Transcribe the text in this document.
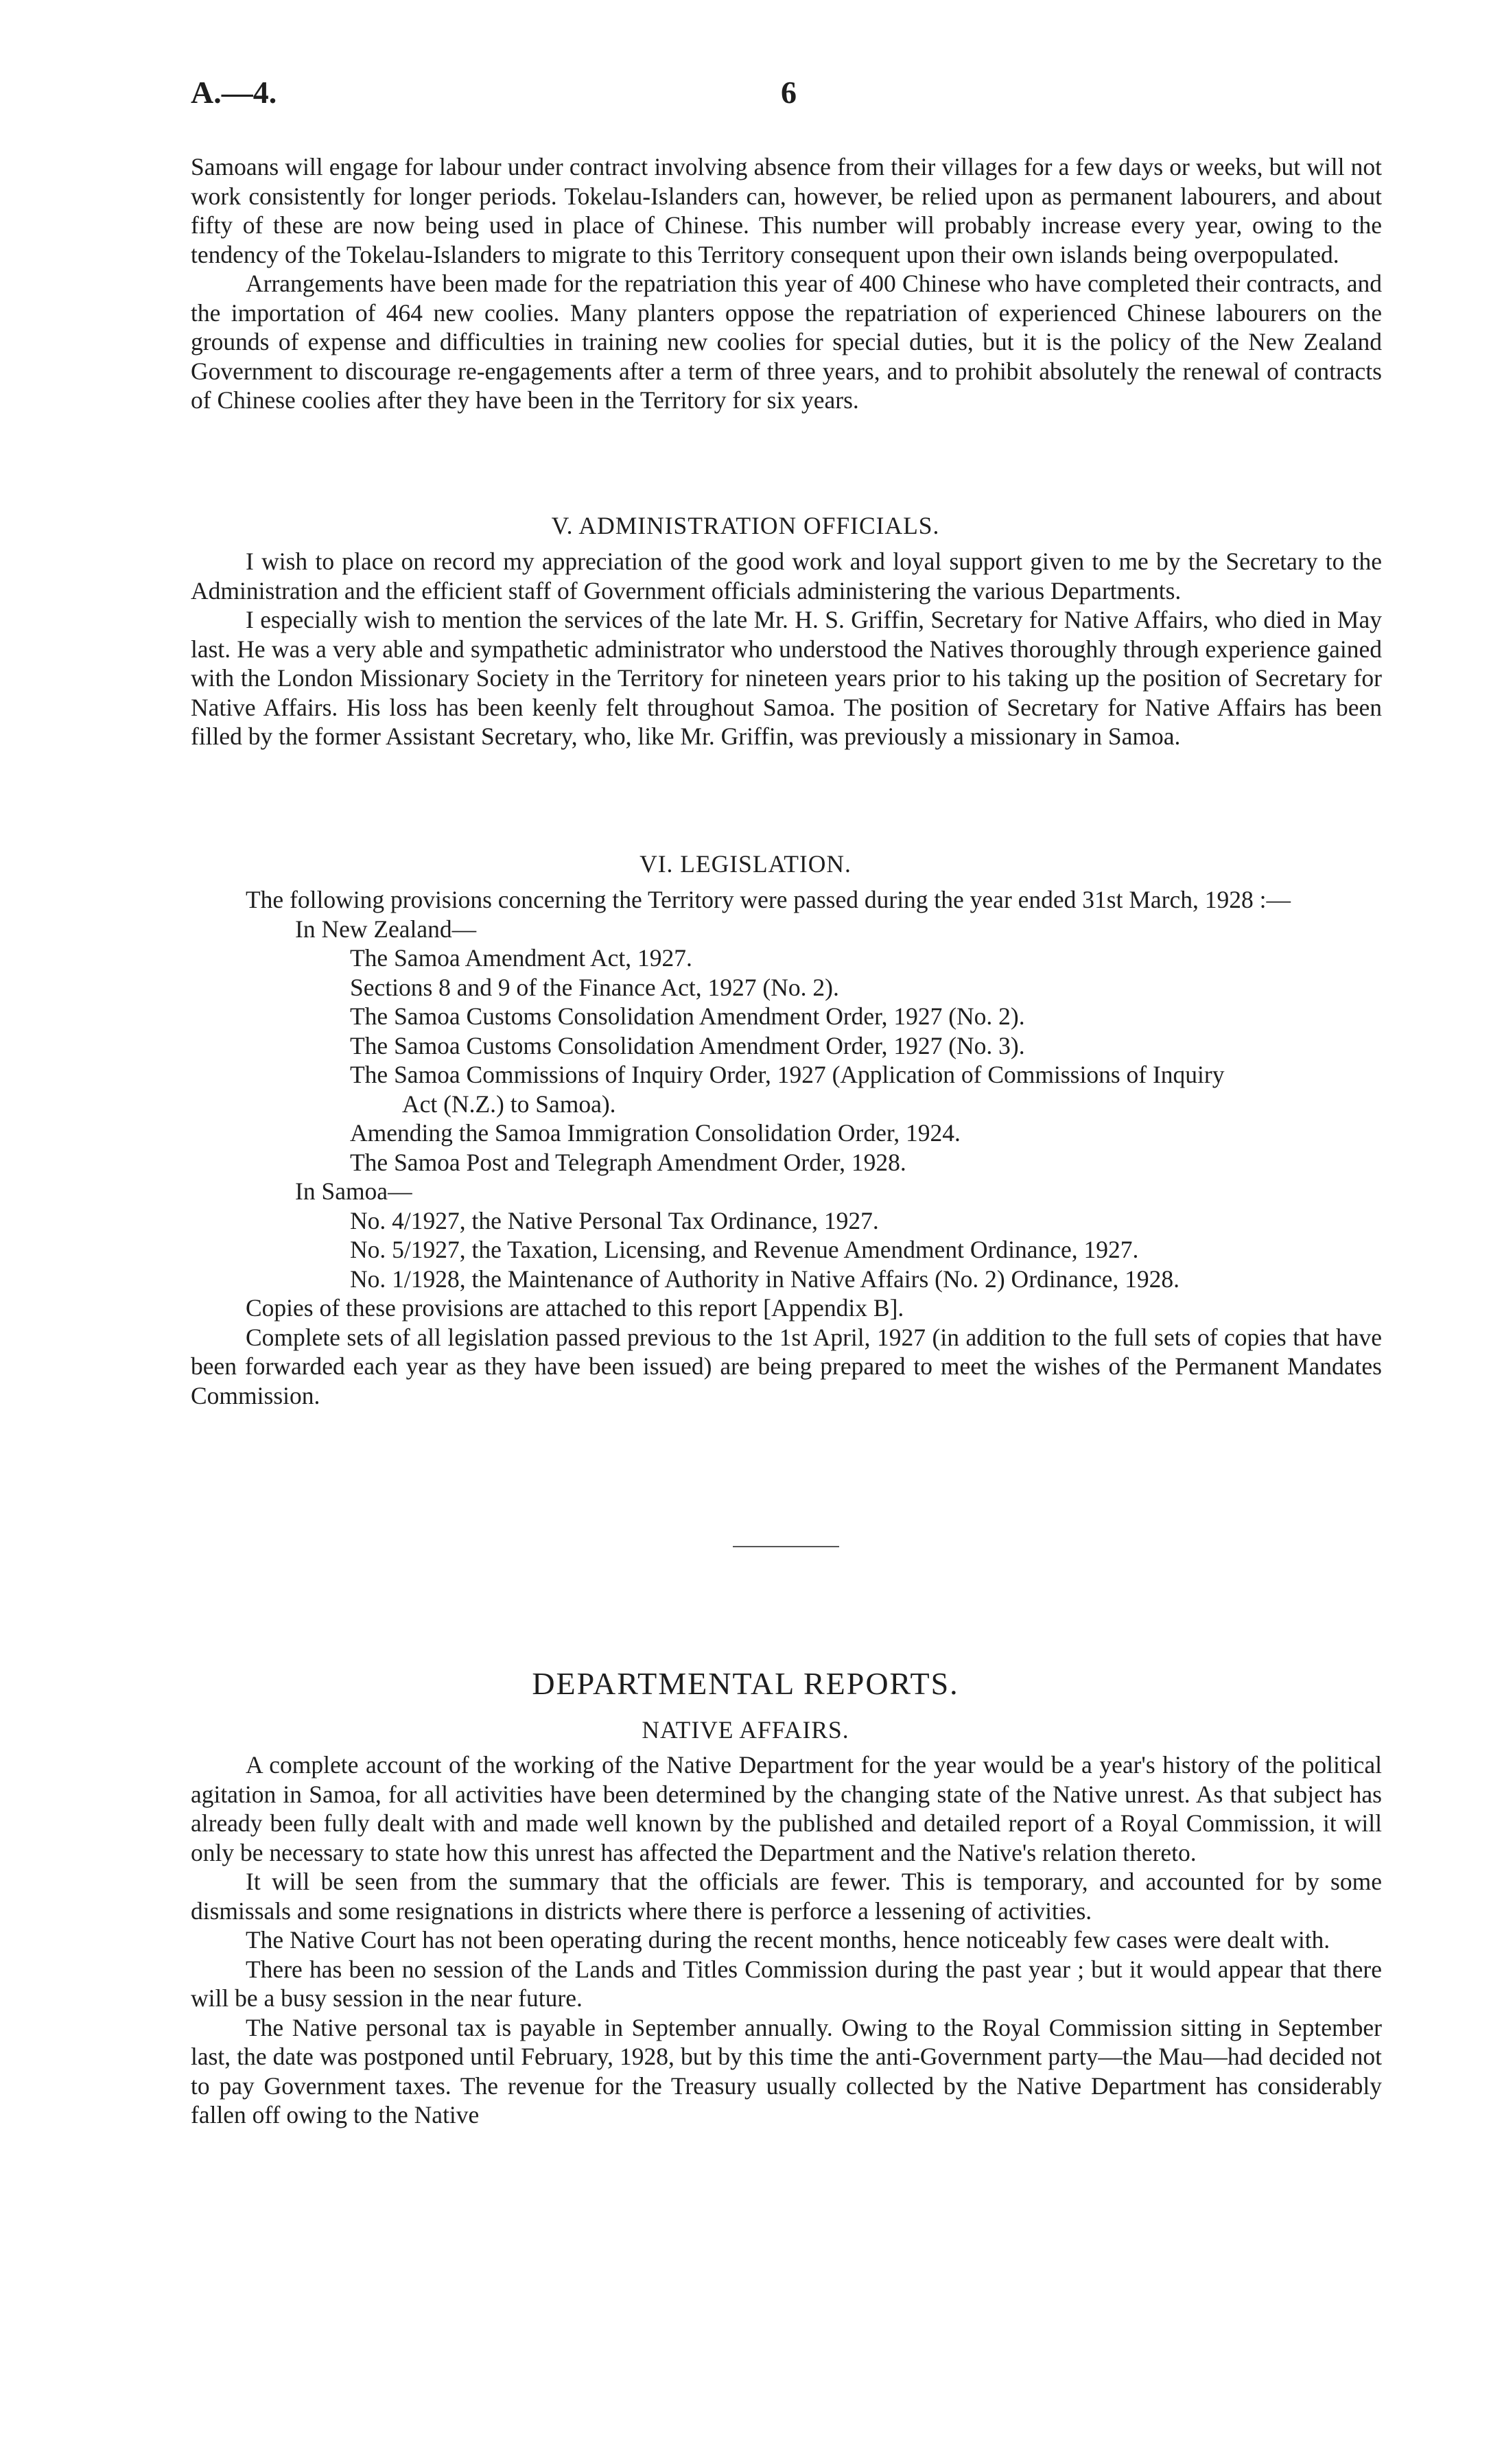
A.—4.	6

Samoans will engage for labour under contract involving absence from their villages for a few days or weeks, but will not work consistently for longer periods. Tokelau-Islanders can, however, be relied upon as permanent labourers, and about fifty of these are now being used in place of Chinese. This number will probably increase every year, owing to the tendency of the Tokelau-Islanders to migrate to this Territory consequent upon their own islands being overpopulated.

Arrangements have been made for the repatriation this year of 400 Chinese who have completed their contracts, and the importation of 464 new coolies. Many planters oppose the repatriation of experienced Chinese labourers on the grounds of expense and difficulties in training new coolies for special duties, but it is the policy of the New Zealand Government to discourage re-engagements after a term of three years, and to prohibit absolutely the renewal of contracts of Chinese coolies after they have been in the Territory for six years.

V. ADMINISTRATION OFFICIALS.

I wish to place on record my appreciation of the good work and loyal support given to me by the Secretary to the Administration and the efficient staff of Government officials administering the various Departments.

I especially wish to mention the services of the late Mr. H. S. Griffin, Secretary for Native Affairs, who died in May last. He was a very able and sympathetic administrator who understood the Natives thoroughly through experience gained with the London Missionary Society in the Territory for nineteen years prior to his taking up the position of Secretary for Native Affairs. His loss has been keenly felt throughout Samoa. The position of Secretary for Native Affairs has been filled by the former Assistant Secretary, who, like Mr. Griffin, was previously a missionary in Samoa.

VI. LEGISLATION.

The following provisions concerning the Territory were passed during the year ended 31st March, 1928 :—

In New Zealand—
The Samoa Amendment Act, 1927.
Sections 8 and 9 of the Finance Act, 1927 (No. 2).
The Samoa Customs Consolidation Amendment Order, 1927 (No. 2).
The Samoa Customs Consolidation Amendment Order, 1927 (No. 3).
The Samoa Commissions of Inquiry Order, 1927 (Application of Commissions of Inquiry
Act (N.Z.) to Samoa).
Amending the Samoa Immigration Consolidation Order, 1924.
The Samoa Post and Telegraph Amendment Order, 1928.
In Samoa—
No. 4/1927, the Native Personal Tax Ordinance, 1927.
No. 5/1927, the Taxation, Licensing, and Revenue Amendment Ordinance, 1927.
No. 1/1928, the Maintenance of Authority in Native Affairs (No. 2) Ordinance, 1928.

Copies of these provisions are attached to this report [Appendix B].

Complete sets of all legislation passed previous to the 1st April, 1927 (in addition to the full sets of copies that have been forwarded each year as they have been issued) are being prepared to meet the wishes of the Permanent Mandates Commission.

DEPARTMENTAL REPORTS.
NATIVE AFFAIRS.

A complete account of the working of the Native Department for the year would be a year's history of the political agitation in Samoa, for all activities have been determined by the changing state of the Native unrest. As that subject has already been fully dealt with and made well known by the published and detailed report of a Royal Commission, it will only be necessary to state how this unrest has affected the Department and the Native's relation thereto.

It will be seen from the summary that the officials are fewer. This is temporary, and accounted for by some dismissals and some resignations in districts where there is perforce a lessening of activities.

The Native Court has not been operating during the recent months, hence noticeably few cases were dealt with.

There has been no session of the Lands and Titles Commission during the past year ; but it would appear that there will be a busy session in the near future.

The Native personal tax is payable in September annually. Owing to the Royal Commission sitting in September last, the date was postponed until February, 1928, but by this time the anti-Government party—the Mau—had decided not to pay Government taxes. The revenue for the Treasury usually collected by the Native Department has considerably fallen off owing to the Native
